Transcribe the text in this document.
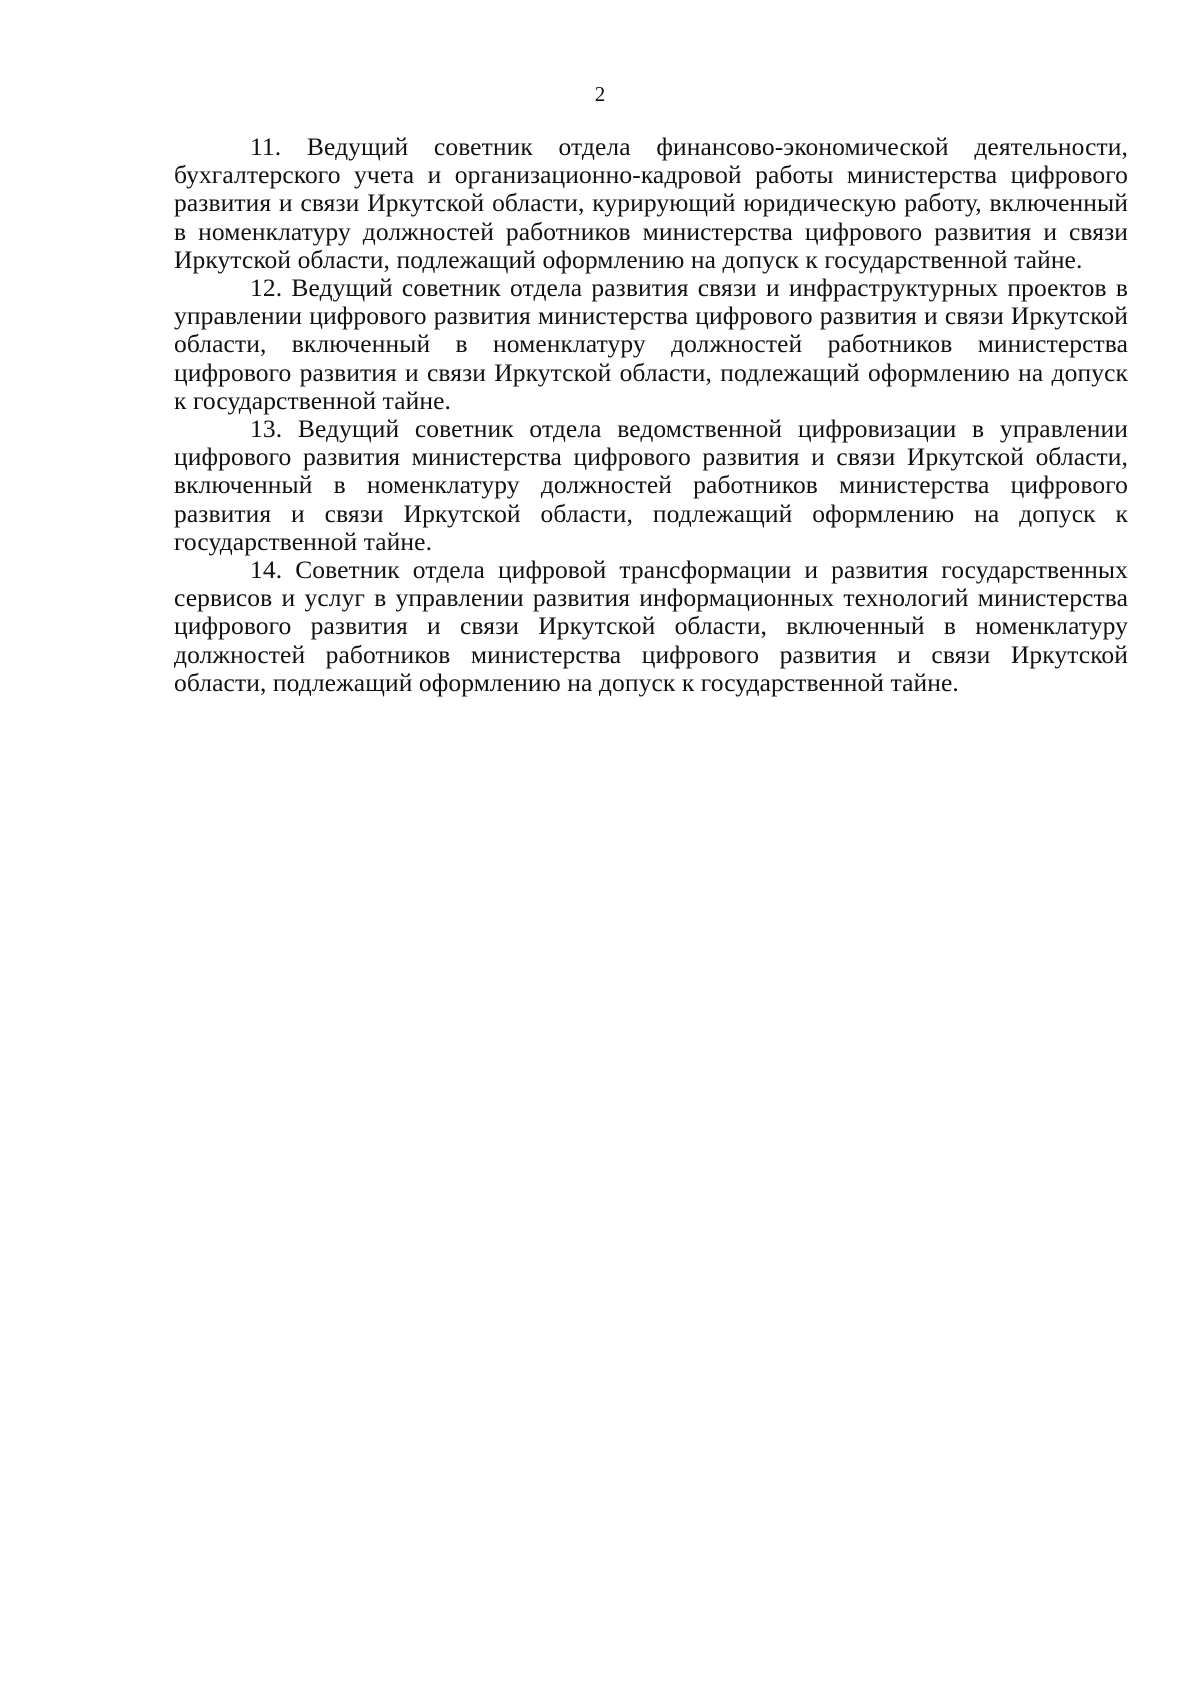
2

11. Ведущий советник отдела финансово-экономической деятельности, бухгалтерского учета и организационно-кадровой работы министерства цифрового развития и связи Иркутской области, курирующий юридическую работу, включенный в номенклатуру должностей работников министерства цифрового развития и связи Иркутской области, подлежащий оформлению на допуск к государственной тайне.

12. Ведущий советник отдела развития связи и инфраструктурных проектов в управлении цифрового развития министерства цифрового развития и связи Иркутской области, включенный в номенклатуру должностей работников министерства цифрового развития и связи Иркутской области, подлежащий оформлению на допуск к государственной тайне.

13. Ведущий советник отдела ведомственной цифровизации в управлении цифрового развития министерства цифрового развития и связи Иркутской области, включенный в номенклатуру должностей работников министерства цифрового развития и связи Иркутской области, подлежащий оформлению на допуск к государственной тайне.

14. Советник отдела цифровой трансформации и развития государственных сервисов и услуг в управлении развития информационных технологий министерства цифрового развития и связи Иркутской области, включенный в номенклатуру должностей работников министерства цифрового развития и связи Иркутской области, подлежащий оформлению на допуск к государственной тайне.
